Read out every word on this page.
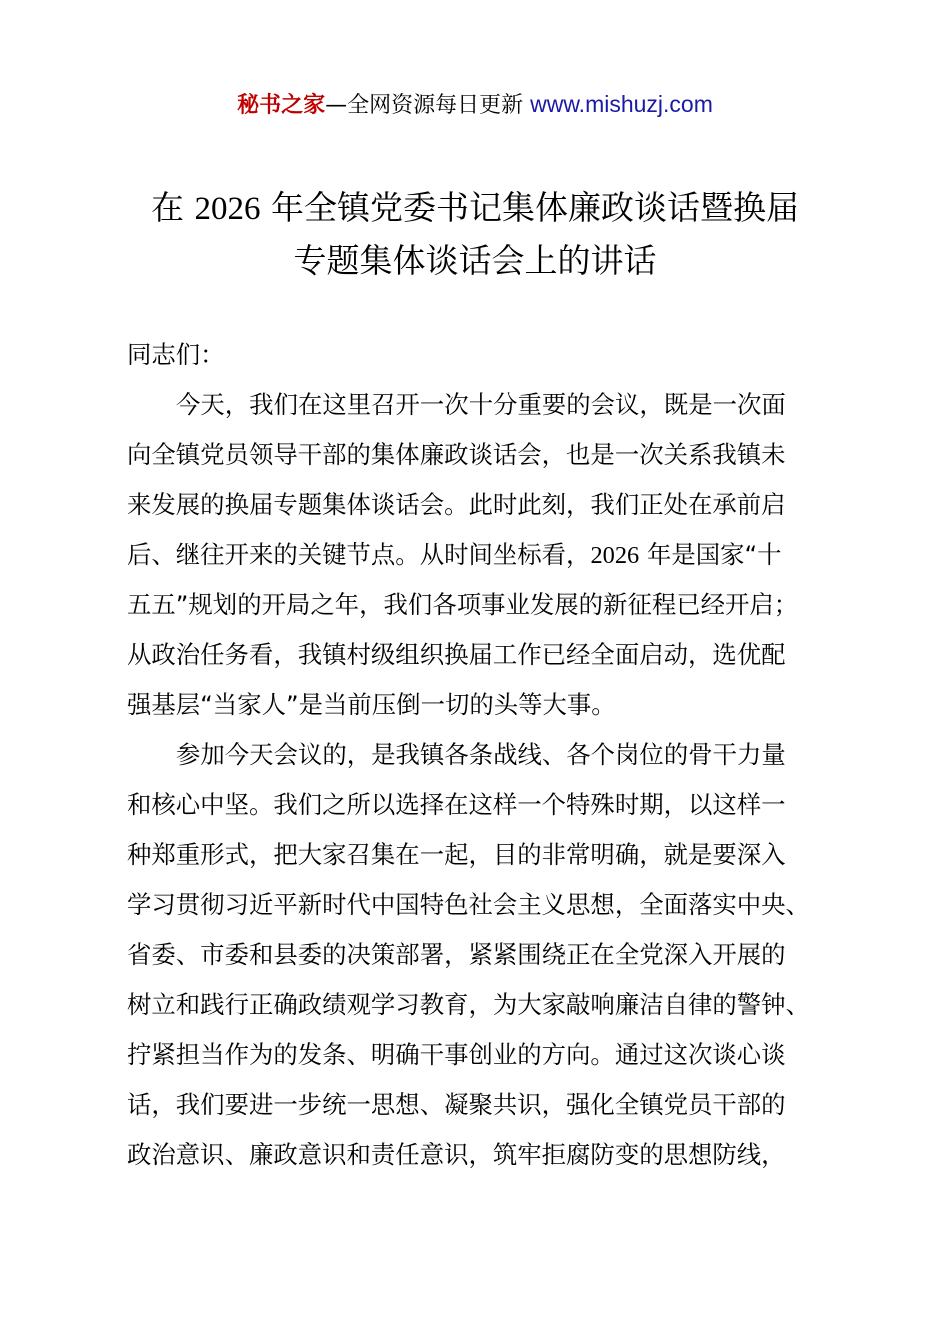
秘书之家—全网资源每日更新 www.mishuzj.com
在 2026 年全镇党委书记集体廉政谈话暨换届
专题集体谈话会上的讲话
同志们：
今天，我们在这里召开一次十分重要的会议，既是一次面
向全镇党员领导干部的集体廉政谈话会，也是一次关系我镇未
来发展的换届专题集体谈话会。此时此刻，我们正处在承前启
后、继往开来的关键节点。从时间坐标看，2026 年是国家“十
五五”规划的开局之年，我们各项事业发展的新征程已经开启；
从政治任务看，我镇村级组织换届工作已经全面启动，选优配
强基层“当家人”是当前压倒一切的头等大事。
参加今天会议的，是我镇各条战线、各个岗位的骨干力量
和核心中坚。我们之所以选择在这样一个特殊时期，以这样一
种郑重形式，把大家召集在一起，目的非常明确，就是要深入
学习贯彻习近平新时代中国特色社会主义思想，全面落实中央、
省委、市委和县委的决策部署，紧紧围绕正在全党深入开展的
树立和践行正确政绩观学习教育，为大家敲响廉洁自律的警钟、
拧紧担当作为的发条、明确干事创业的方向。通过这次谈心谈
话，我们要进一步统一思想、凝聚共识，强化全镇党员干部的
政治意识、廉政意识和责任意识，筑牢拒腐防变的思想防线，
